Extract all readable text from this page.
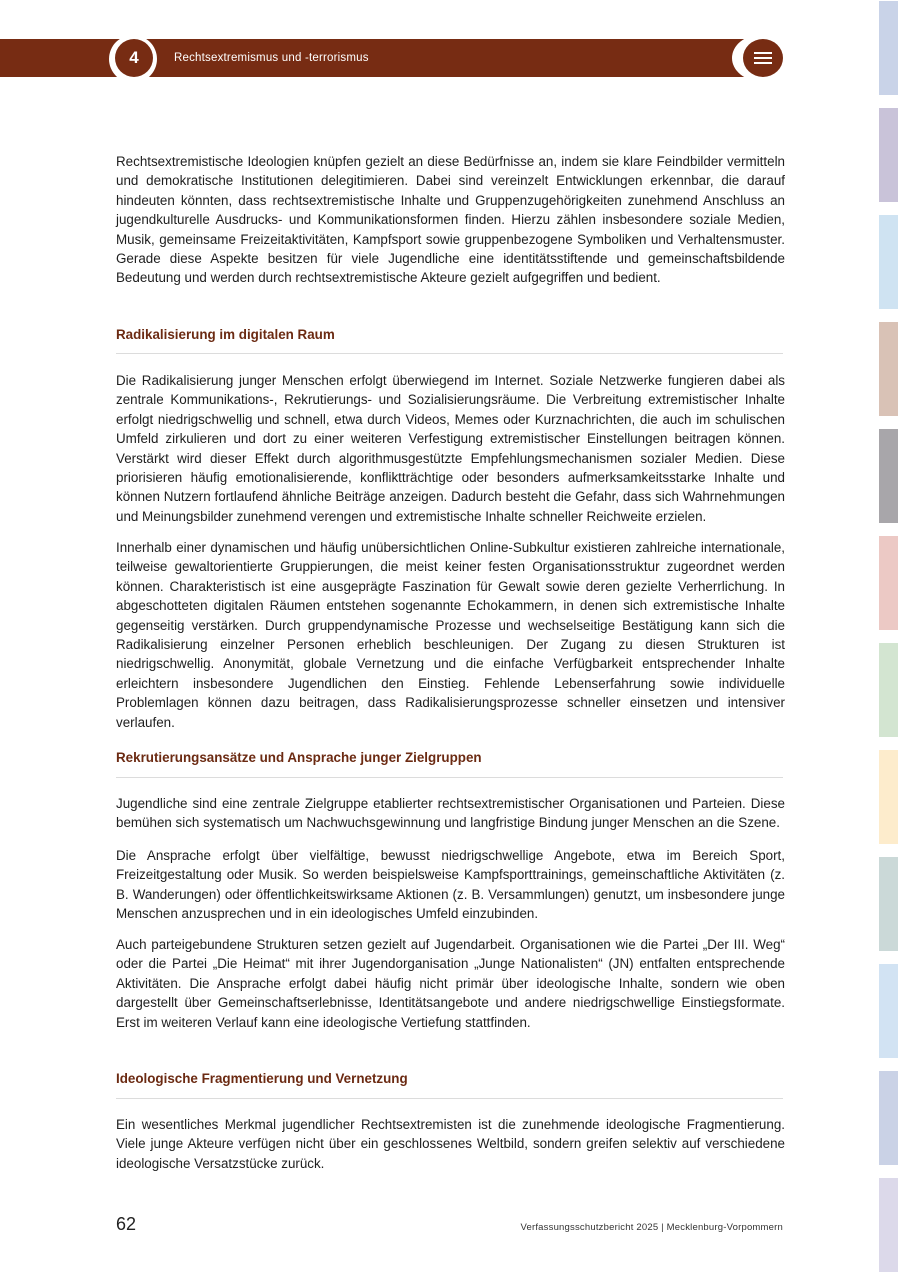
4	Rechtsextremismus und -terrorismus

Rechtsextremistische Ideologien knüpfen gezielt an diese Bedürfnisse an, indem sie klare Feindbilder vermitteln und demokratische Institutionen delegitimieren. Dabei sind vereinzelt Entwicklungen erkennbar, die darauf hindeuten könnten, dass rechtsextremistische Inhalte und Gruppenzugehörigkeiten zunehmend Anschluss an jugendkulturelle Ausdrucks- und Kommunikationsformen finden. Hierzu zählen insbesondere soziale Medien, Musik, gemeinsame Freizeitaktivitäten, Kampfsport sowie gruppenbezogene Symboliken und Verhaltensmuster. Gerade diese Aspekte besitzen für viele Jugendliche eine identitätsstiftende und gemeinschaftsbildende Bedeutung und werden durch rechtsextremistische Akteure gezielt aufgegriffen und bedient.

Radikalisierung im digitalen Raum

Die Radikalisierung junger Menschen erfolgt überwiegend im Internet. Soziale Netzwerke fungieren dabei als zentrale Kommunikations-, Rekrutierungs- und Sozialisierungsräume. Die Verbreitung extremistischer Inhalte erfolgt niedrigschwellig und schnell, etwa durch Videos, Memes oder Kurznachrichten, die auch im schulischen Umfeld zirkulieren und dort zu einer weiteren Verfestigung extremistischer Einstellungen beitragen können. Verstärkt wird dieser Effekt durch algorithmusgestützte Empfehlungsmechanismen sozialer Medien. Diese priorisieren häufig emotionalisierende, konfliktträchtige oder besonders aufmerksamkeitsstarke Inhalte und können Nutzern fortlaufend ähnliche Beiträge anzeigen. Dadurch besteht die Gefahr, dass sich Wahrnehmungen und Meinungsbilder zunehmend verengen und extremistische Inhalte schneller Reichweite erzielen.

Innerhalb einer dynamischen und häufig unübersichtlichen Online-Subkultur existieren zahlreiche internationale, teilweise gewaltorientierte Gruppierungen, die meist keiner festen Organisationsstruktur zugeordnet werden können. Charakteristisch ist eine ausgeprägte Faszination für Gewalt sowie deren gezielte Verherrlichung. In abgeschotteten digitalen Räumen entstehen sogenannte Echokammern, in denen sich extremistische Inhalte gegenseitig verstärken. Durch gruppendynamische Prozesse und wechselseitige Bestätigung kann sich die Radikalisierung einzelner Personen erheblich beschleunigen. Der Zugang zu diesen Strukturen ist niedrigschwellig. Anonymität, globale Vernetzung und die einfache Verfügbarkeit entsprechender Inhalte erleichtern insbesondere Jugendlichen den Einstieg. Fehlende Lebenserfahrung sowie individuelle Problemlagen können dazu beitragen, dass Radikalisierungsprozesse schneller einsetzen und intensiver verlaufen.

Rekrutierungsansätze und Ansprache junger Zielgruppen

Jugendliche sind eine zentrale Zielgruppe etablierter rechtsextremistischer Organisationen und Parteien. Diese bemühen sich systematisch um Nachwuchsgewinnung und langfristige Bindung junger Menschen an die Szene.

Die Ansprache erfolgt über vielfältige, bewusst niedrigschwellige Angebote, etwa im Bereich Sport, Freizeitgestaltung oder Musik. So werden beispielsweise Kampfsporttrainings, gemeinschaftliche Aktivitäten (z. B. Wanderungen) oder öffentlichkeitswirksame Aktionen (z. B. Versammlungen) genutzt, um insbesondere junge Menschen anzusprechen und in ein ideologisches Umfeld einzubinden.

Auch parteigebundene Strukturen setzen gezielt auf Jugendarbeit. Organisationen wie die Partei „Der III. Weg“ oder die Partei „Die Heimat“ mit ihrer Jugendorganisation „Junge Nationalisten“ (JN) entfalten entsprechende Aktivitäten. Die Ansprache erfolgt dabei häufig nicht primär über ideologische Inhalte, sondern wie oben dargestellt über Gemeinschaftserlebnisse, Identitätsangebote und andere niedrigschwellige Einstiegsformate. Erst im weiteren Verlauf kann eine ideologische Vertiefung stattfinden.

Ideologische Fragmentierung und Vernetzung

Ein wesentliches Merkmal jugendlicher Rechtsextremisten ist die zunehmende ideologische Fragmentierung. Viele junge Akteure verfügen nicht über ein geschlossenes Weltbild, sondern greifen selektiv auf verschiedene ideologische Versatzstücke zurück.

62	Verfassungsschutzbericht 2025 | Mecklenburg-Vorpommern
